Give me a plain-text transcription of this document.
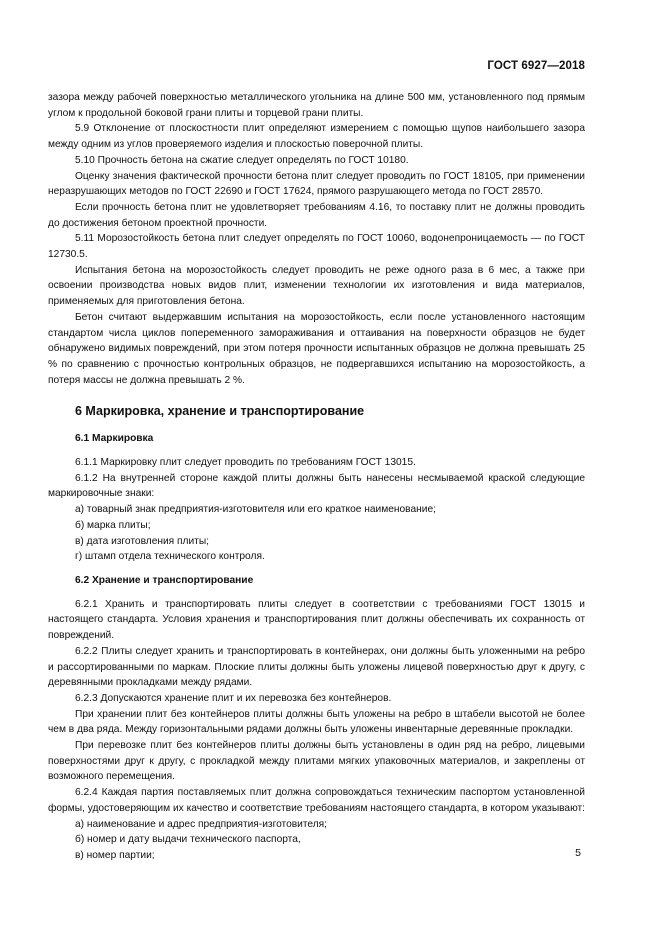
ГОСТ 6927—2018

зазора между рабочей поверхностью металлического угольника на длине 500 мм, установленного под прямым углом к продольной боковой грани плиты и торцевой грани плиты.

5.9 Отклонение от плоскостности плит определяют измерением с помощью щупов наибольшего зазора между одним из углов проверяемого изделия и плоскостью поверочной плиты.

5.10 Прочность бетона на сжатие следует определять по ГОСТ 10180.

Оценку значения фактической прочности бетона плит следует проводить по ГОСТ 18105, при применении неразрушающих методов по ГОСТ 22690 и ГОСТ 17624, прямого разрушающего метода по ГОСТ 28570.

Если прочность бетона плит не удовлетворяет требованиям 4.16, то поставку плит не должны проводить до достижения бетоном проектной прочности.

5.11 Морозостойкость бетона плит следует определять по ГОСТ 10060, водонепроницаемость — по ГОСТ 12730.5.

Испытания бетона на морозостойкость следует проводить не реже одного раза в 6 мес, а также при освоении производства новых видов плит, изменении технологии их изготовления и вида материалов, применяемых для приготовления бетона.

Бетон считают выдержавшим испытания на морозостойкость, если после установленного настоящим стандартом числа циклов попеременного замораживания и оттаивания на поверхности образцов не будет обнаружено видимых повреждений, при этом потеря прочности испытанных образцов не должна превышать 25 % по сравнению с прочностью контрольных образцов, не подвергавшихся испытанию на морозостойкость, а потеря массы не должна превышать 2 %.

6 Маркировка, хранение и транспортирование

6.1 Маркировка

6.1.1 Маркировку плит следует проводить по требованиям ГОСТ 13015.

6.1.2 На внутренней стороне каждой плиты должны быть нанесены несмываемой краской следующие маркировочные знаки:

а) товарный знак предприятия-изготовителя или его краткое наименование;

б) марка плиты;

в) дата изготовления плиты;

г) штамп отдела технического контроля.

6.2 Хранение и транспортирование

6.2.1 Хранить и транспортировать плиты следует в соответствии с требованиями ГОСТ 13015 и настоящего стандарта. Условия хранения и транспортирования плит должны обеспечивать их сохранность от повреждений.

6.2.2 Плиты следует хранить и транспортировать в контейнерах, они должны быть уложенными на ребро и рассортированными по маркам. Плоские плиты должны быть уложены лицевой поверхностью друг к другу, с деревянными прокладками между рядами.

6.2.3 Допускаются хранение плит и их перевозка без контейнеров.

При хранении плит без контейнеров плиты должны быть уложены на ребро в штабели высотой не более чем в два ряда. Между горизонтальными рядами должны быть уложены инвентарные деревянные прокладки.

При перевозке плит без контейнеров плиты должны быть установлены в один ряд на ребро, лицевыми поверхностями друг к другу, с прокладкой между плитами мягких упаковочных материалов, и закреплены от возможного перемещения.

6.2.4 Каждая партия поставляемых плит должна сопровождаться техническим паспортом установленной формы, удостоверяющим их качество и соответствие требованиям настоящего стандарта, в котором указывают:

а) наименование и адрес предприятия-изготовителя;

б) номер и дату выдачи технического паспорта,

в) номер партии;	5
